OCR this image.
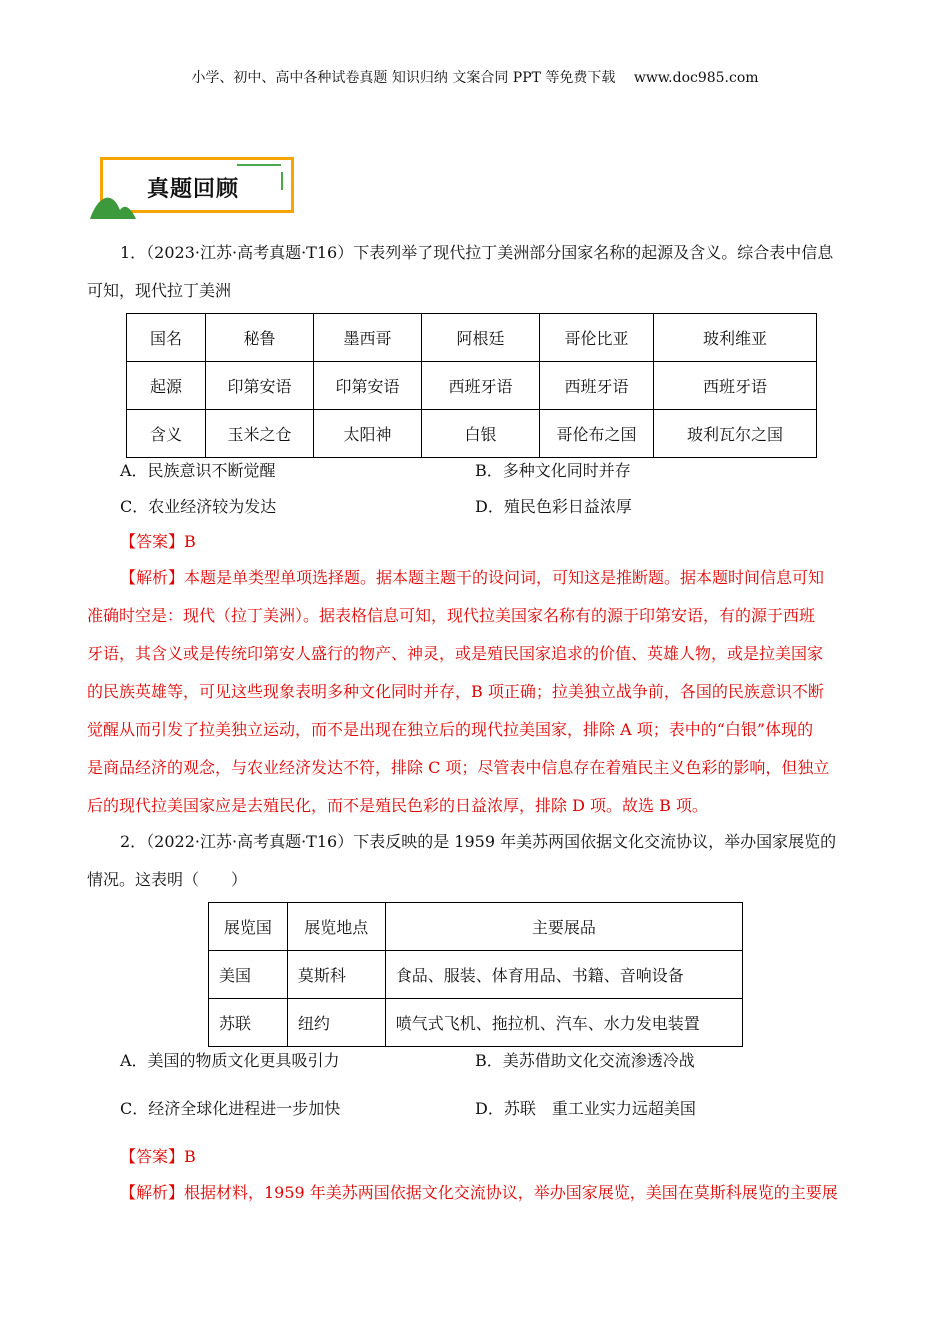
小学、初中、高中各种试卷真题 知识归纳 文案合同 PPT 等免费下载　 www.doc985.com
真题回顾
1．（2023·江苏·高考真题·T16）下表列举了现代拉丁美洲部分国家名称的起源及含义。综合表中信息
可知，现代拉丁美洲
国名	秘鲁	墨西哥	阿根廷	哥伦比亚	玻利维亚
起源	印第安语	印第安语	西班牙语	西班牙语	西班牙语
含义	玉米之仓	太阳神	白银	哥伦布之国	玻利瓦尔之国
A．民族意识不断觉醒	B．多种文化同时并存
C．农业经济较为发达	D．殖民色彩日益浓厚
【答案】B
【解析】本题是单类型单项选择题。据本题主题干的设问词，可知这是推断题。据本题时间信息可知
准确时空是：现代（拉丁美洲）。据表格信息可知，现代拉美国家名称有的源于印第安语，有的源于西班
牙语，其含义或是传统印第安人盛行的物产、神灵，或是殖民国家追求的价值、英雄人物，或是拉美国家
的民族英雄等，可见这些现象表明多种文化同时并存，B 项正确；拉美独立战争前，各国的民族意识不断
觉醒从而引发了拉美独立运动，而不是出现在独立后的现代拉美国家，排除 A 项；表中的“白银”体现的
是商品经济的观念，与农业经济发达不符，排除 C 项；尽管表中信息存在着殖民主义色彩的影响，但独立
后的现代拉美国家应是去殖民化，而不是殖民色彩的日益浓厚，排除 D 项。故选 B 项。
2．（2022·江苏·高考真题·T16）下表反映的是 1959 年美苏两国依据文化交流协议，举办国家展览的
情况。这表明（　　）
展览国	展览地点	主要展品
美国	莫斯科	食品、服装、体育用品、书籍、音响设备
苏联	纽约	喷气式飞机、拖拉机、汽车、水力发电装置
A．美国的物质文化更具吸引力	B．美苏借助文化交流渗透冷战
C．经济全球化进程进一步加快	D．苏联　重工业实力远超美国
【答案】B
【解析】根据材料，1959 年美苏两国依据文化交流协议，举办国家展览，美国在莫斯科展览的主要展
